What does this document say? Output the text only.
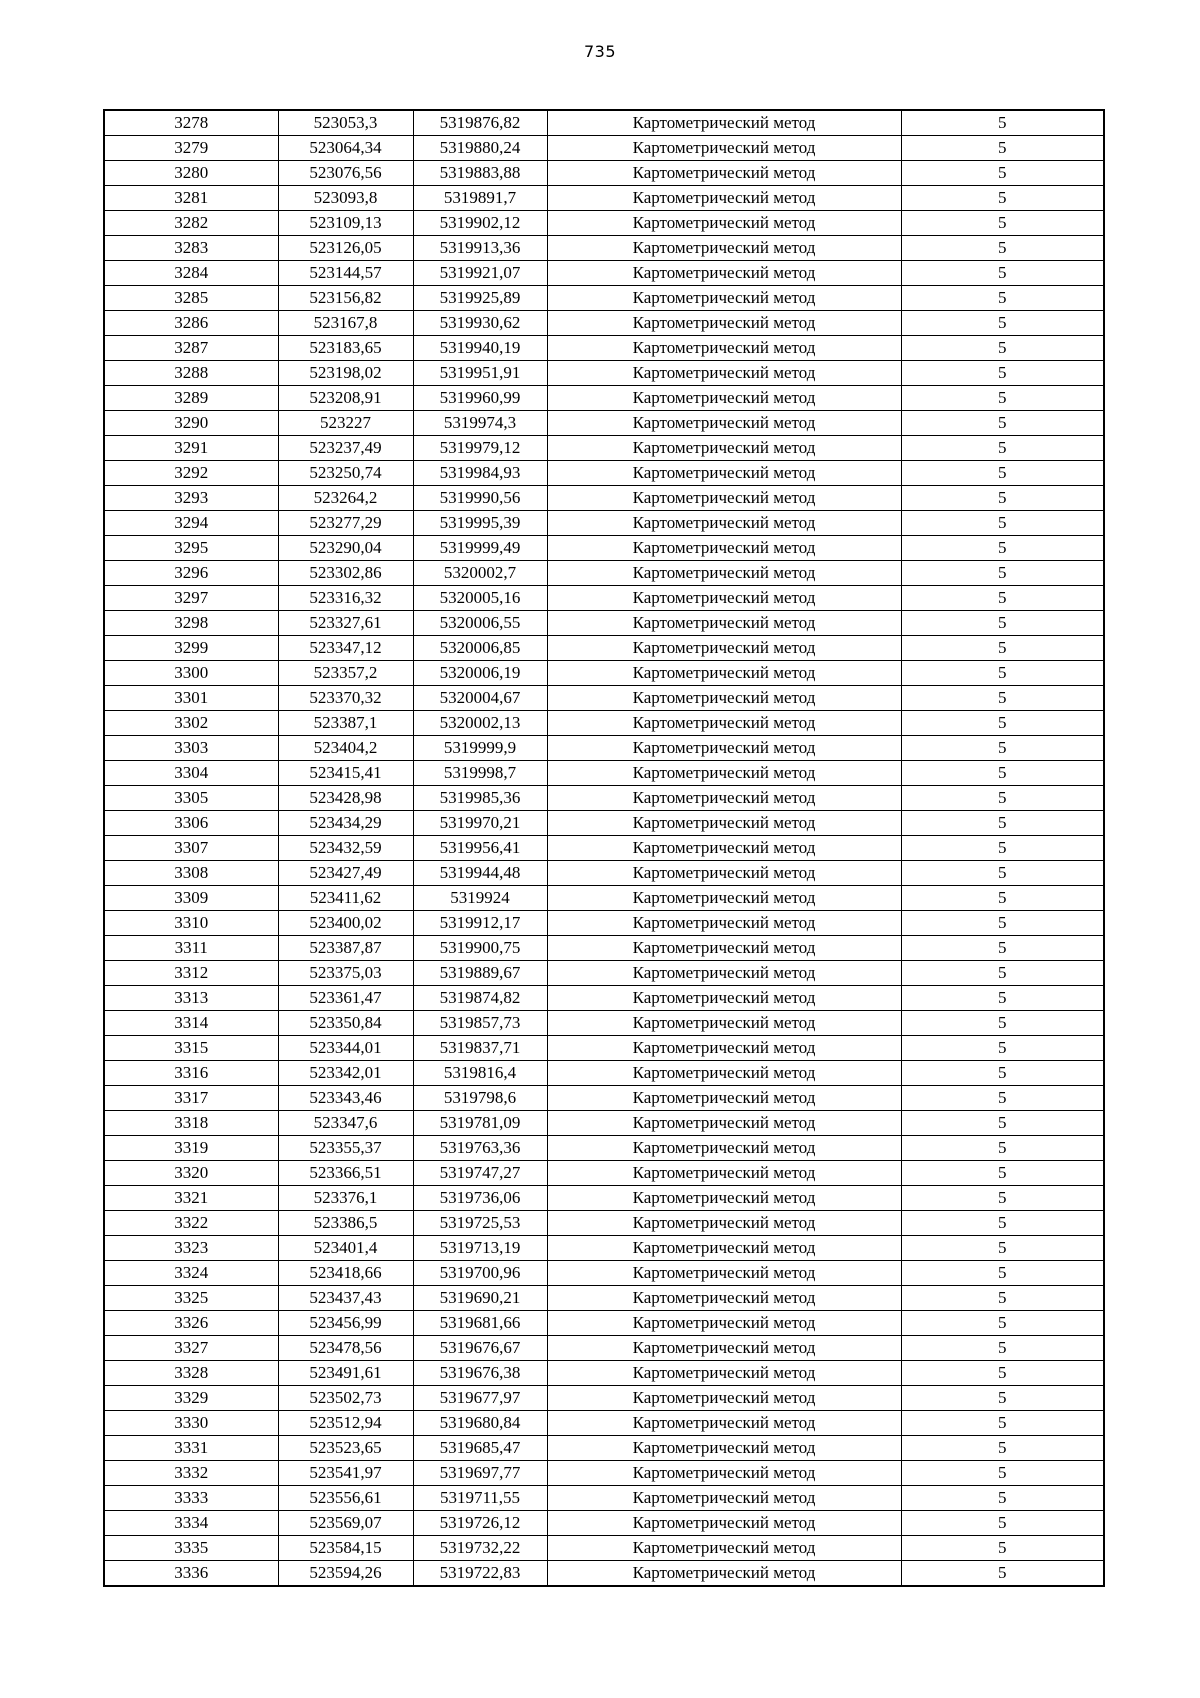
735
3278	523053,3	5319876,82	Картометрический метод	5
3279	523064,34	5319880,24	Картометрический метод	5
3280	523076,56	5319883,88	Картометрический метод	5
3281	523093,8	5319891,7	Картометрический метод	5
3282	523109,13	5319902,12	Картометрический метод	5
3283	523126,05	5319913,36	Картометрический метод	5
3284	523144,57	5319921,07	Картометрический метод	5
3285	523156,82	5319925,89	Картометрический метод	5
3286	523167,8	5319930,62	Картометрический метод	5
3287	523183,65	5319940,19	Картометрический метод	5
3288	523198,02	5319951,91	Картометрический метод	5
3289	523208,91	5319960,99	Картометрический метод	5
3290	523227	5319974,3	Картометрический метод	5
3291	523237,49	5319979,12	Картометрический метод	5
3292	523250,74	5319984,93	Картометрический метод	5
3293	523264,2	5319990,56	Картометрический метод	5
3294	523277,29	5319995,39	Картометрический метод	5
3295	523290,04	5319999,49	Картометрический метод	5
3296	523302,86	5320002,7	Картометрический метод	5
3297	523316,32	5320005,16	Картометрический метод	5
3298	523327,61	5320006,55	Картометрический метод	5
3299	523347,12	5320006,85	Картометрический метод	5
3300	523357,2	5320006,19	Картометрический метод	5
3301	523370,32	5320004,67	Картометрический метод	5
3302	523387,1	5320002,13	Картометрический метод	5
3303	523404,2	5319999,9	Картометрический метод	5
3304	523415,41	5319998,7	Картометрический метод	5
3305	523428,98	5319985,36	Картометрический метод	5
3306	523434,29	5319970,21	Картометрический метод	5
3307	523432,59	5319956,41	Картометрический метод	5
3308	523427,49	5319944,48	Картометрический метод	5
3309	523411,62	5319924	Картометрический метод	5
3310	523400,02	5319912,17	Картометрический метод	5
3311	523387,87	5319900,75	Картометрический метод	5
3312	523375,03	5319889,67	Картометрический метод	5
3313	523361,47	5319874,82	Картометрический метод	5
3314	523350,84	5319857,73	Картометрический метод	5
3315	523344,01	5319837,71	Картометрический метод	5
3316	523342,01	5319816,4	Картометрический метод	5
3317	523343,46	5319798,6	Картометрический метод	5
3318	523347,6	5319781,09	Картометрический метод	5
3319	523355,37	5319763,36	Картометрический метод	5
3320	523366,51	5319747,27	Картометрический метод	5
3321	523376,1	5319736,06	Картометрический метод	5
3322	523386,5	5319725,53	Картометрический метод	5
3323	523401,4	5319713,19	Картометрический метод	5
3324	523418,66	5319700,96	Картометрический метод	5
3325	523437,43	5319690,21	Картометрический метод	5
3326	523456,99	5319681,66	Картометрический метод	5
3327	523478,56	5319676,67	Картометрический метод	5
3328	523491,61	5319676,38	Картометрический метод	5
3329	523502,73	5319677,97	Картометрический метод	5
3330	523512,94	5319680,84	Картометрический метод	5
3331	523523,65	5319685,47	Картометрический метод	5
3332	523541,97	5319697,77	Картометрический метод	5
3333	523556,61	5319711,55	Картометрический метод	5
3334	523569,07	5319726,12	Картометрический метод	5
3335	523584,15	5319732,22	Картометрический метод	5
3336	523594,26	5319722,83	Картометрический метод	5
